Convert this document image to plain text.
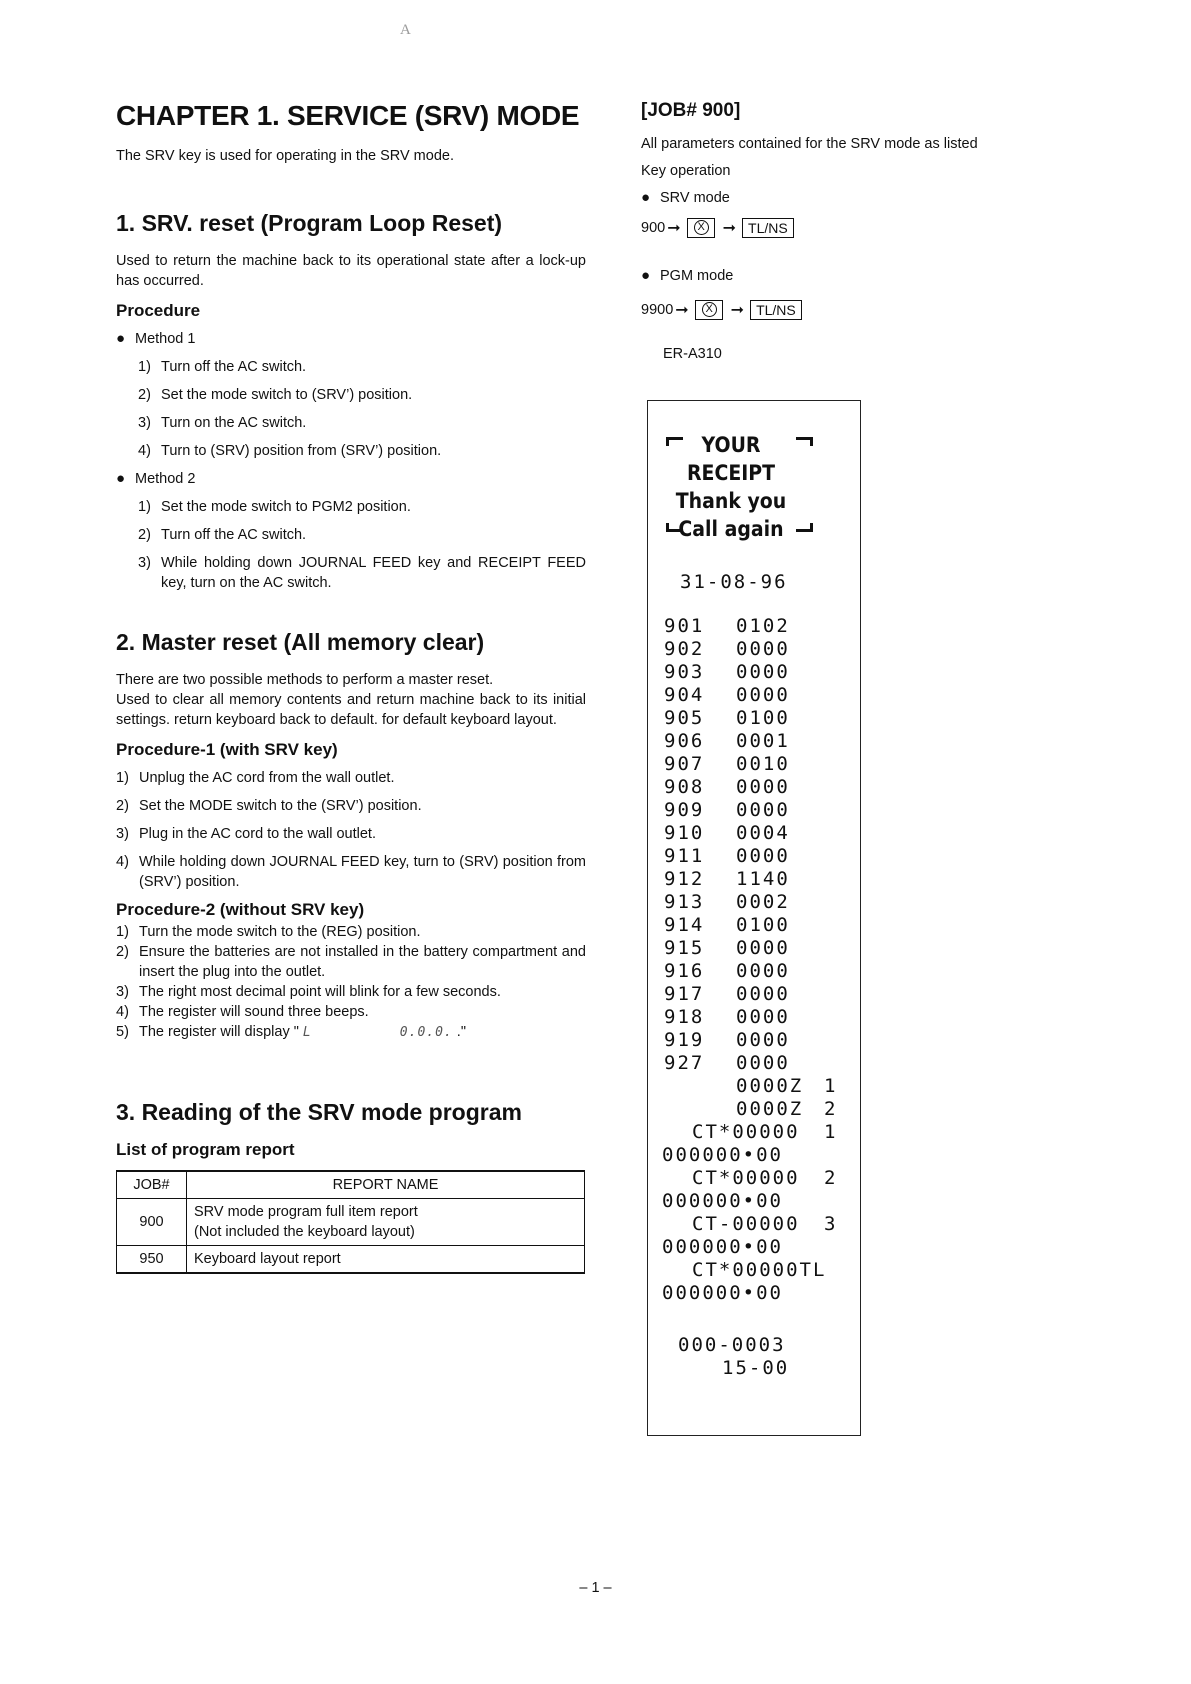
A
CHAPTER 1. SERVICE (SRV) MODE

The SRV key is used for operating in the SRV mode.

1. SRV. reset (Program Loop Reset)

Used to return the machine back to its operational state after a lock-up has occurred.

Procedure
● Method 1
1) Turn off the AC switch.
2) Set the mode switch to (SRV’) position.
3) Turn on the AC switch.
4) Turn to (SRV) position from (SRV’) position.
● Method 2
1) Set the mode switch to PGM2 position.
2) Turn off the AC switch.
3) While holding down JOURNAL FEED key and RECEIPT FEED key, turn on the AC switch.
2. Master reset (All memory clear)

There are two possible methods to perform a master reset.

Used to clear all memory contents and return machine back to its initial settings. return keyboard back to default. for default keyboard layout.

Procedure-1 (with SRV key)
1) Unplug the AC cord from the wall outlet.
2) Set the MODE switch to the (SRV’) position.
3) Plug in the AC cord to the wall outlet.
4) While holding down JOURNAL FEED key, turn to (SRV) position from (SRV’) position.
Procedure-2 (without SRV key)
1) Turn the mode switch to the (REG) position.
2) Ensure the batteries are not installed in the battery compartment and insert the plug into the outlet.
3) The right most decimal point will blink for a few seconds.
4) The register will sound three beeps.
5) The register will display " L	0.0.0. ."
3. Reading of the SRV mode program
List of program report
JOB#	REPORT NAME
900	SRV mode program full item report
(Not included the keyboard layout)

950	Keyboard layout report
[JOB# 900]

All parameters contained for the SRV mode as listed

Key operation

● SRV mode
900 ➞	X ➞ TL/NS
● PGM mode
9900 ➞	X ➞ TL/NS

ER-A310

YOUR RECEIPT
Thank you
Call again
31-08-96
901 0102
902 0000
903 0000
904 0000
905 0100
906 0001
907 0010
908 0000
909 0000
910 0004
911 0000
912 1140
913 0002
914 0100
915 0000
916 0000
917 0000
918 0000
919 0000
927 0000
0000Z 1
0000Z 2
CT*00000 1
000000•00
CT*00000 2
000000•00
CT-00000 3
000000•00
CT*00000TL
000000•00
000-0003
15-00
– 1 –
